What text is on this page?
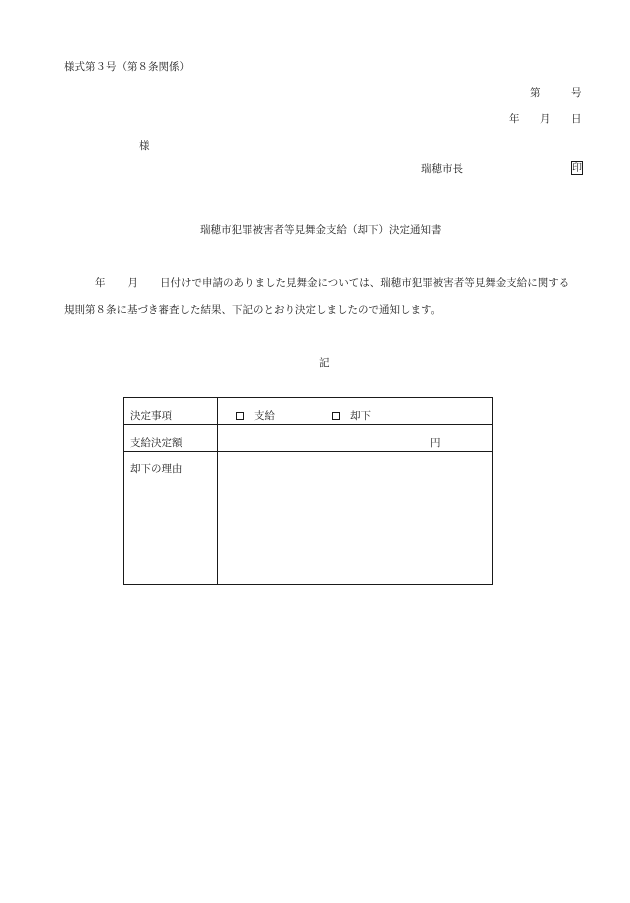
様式第３号（第８条関係）
第	号
年 月 日
様
瑞穂市長	印
瑞穂市犯罪被害者等見舞金支給（却下）決定通知書
年 月 日付けで申請のありました見舞金については、瑞穂市犯罪被害者等見舞金支給に関する
規則第８条に基づき審査した結果、下記のとおり決定しましたので通知します。
記
決定事項	支給	却下
支給決定額	円
却下の理由
